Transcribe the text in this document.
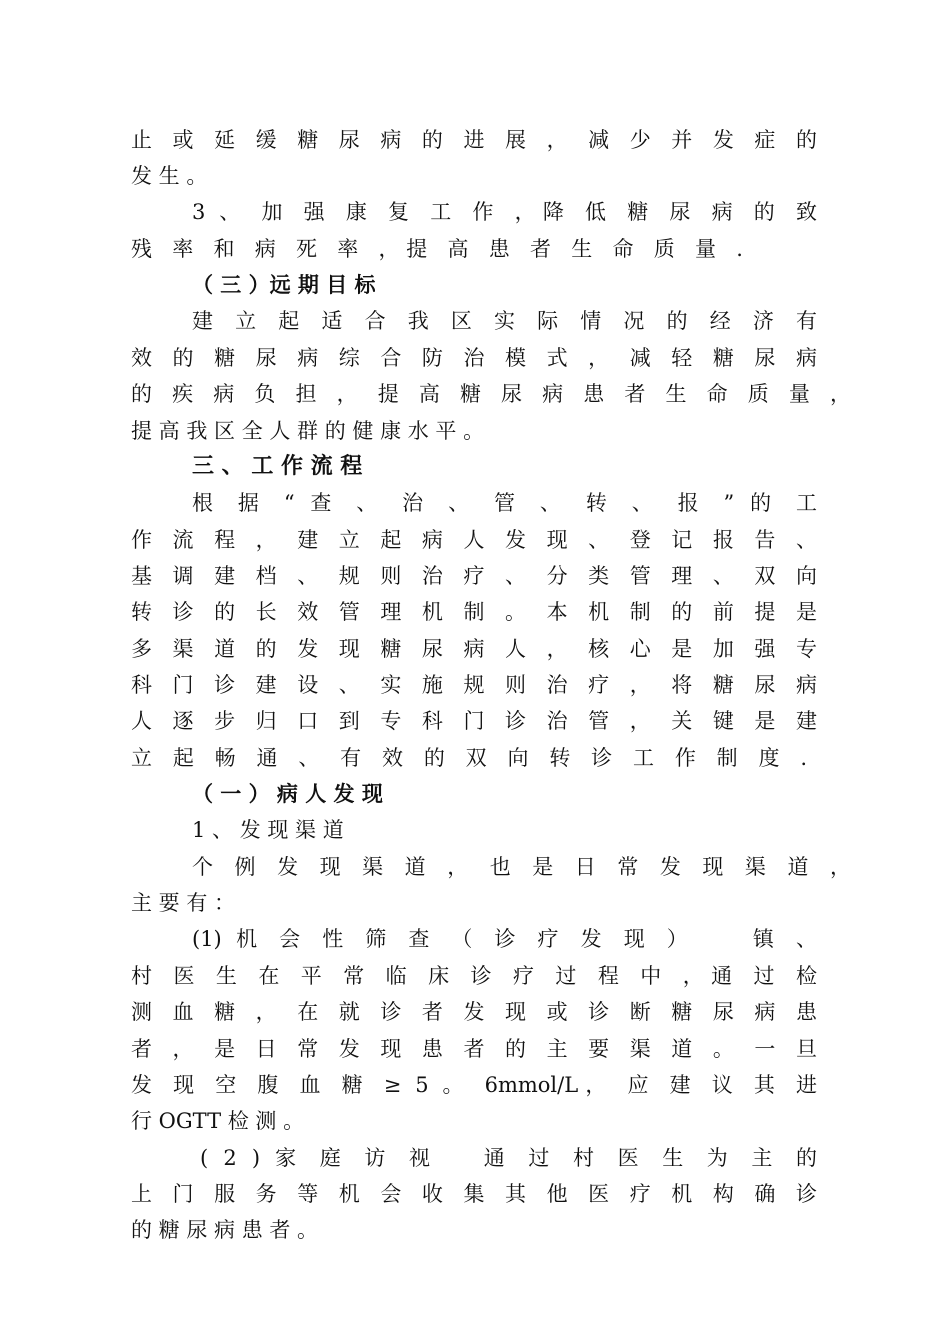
止 或 延 缓 糖 尿 病 的 进 展 ， 减 少 并 发 症 的

发 生 。

3 、 加 强 康 复 工 作 ，降 低 糖 尿 病 的 致

残 率 和 病 死 率 ，提 高 患 者 生 命 质 量 .

（ 三 ）远 期 目 标

建 立 起 适 合 我 区 实 际 情 况 的 经 济 有

效 的 糖 尿 病 综 合 防 治 模 式 ， 减 轻 糖 尿 病

的 疾 病 负 担 ， 提 高 糖 尿 病 患 者 生 命 质 量 ，

提 高 我 区 全 人 群 的 健 康 水 平 。

三 、 工 作 流 程

根 据 “ 查 、 治 、 管 、 转 、 报 ” 的 工

作 流 程 ， 建 立 起 病 人 发 现 、 登 记 报 告 、

基 调 建 档 、 规 则 治 疗 、 分 类 管 理 、 双 向

转 诊 的 长 效 管 理 机 制 。 本 机 制 的 前 提 是

多 渠 道 的 发 现 糖 尿 病 人 ， 核 心 是 加 强 专

科 门 诊 建 设 、 实 施 规 则 治 疗 ， 将 糖 尿 病

人 逐 步 归 口 到 专 科 门 诊 治 管 ， 关 键 是 建

立 起 畅 通 、 有 效 的 双 向 转 诊 工 作 制 度 .

（ 一 ） 病 人 发 现

1 、 发 现 渠 道

个 例 发 现 渠 道 ， 也 是 日 常 发 现 渠 道 ，

主 要 有 ：

(1) 机 会 性 筛 查 （ 诊 疗 发 现 ）    镇 、

村 医 生 在 平 常 临 床 诊 疗 过 程 中 ，通 过 检

测 血 糖 ， 在 就 诊 者 发 现 或 诊 断 糖 尿 病 患

者 ， 是 日 常 发 现 患 者 的 主 要 渠 道 。 一 旦

发 现 空 腹 血 糖 ≥ 5 。 6mmol/L， 应 建 议 其 进

行 OGTT 检 测 。

( 2 ) 家 庭 访 视   通 过 村 医 生 为 主 的

上 门 服 务 等 机 会 收 集 其 他 医 疗 机 构 确 诊

的 糖 尿 病 患 者 。
